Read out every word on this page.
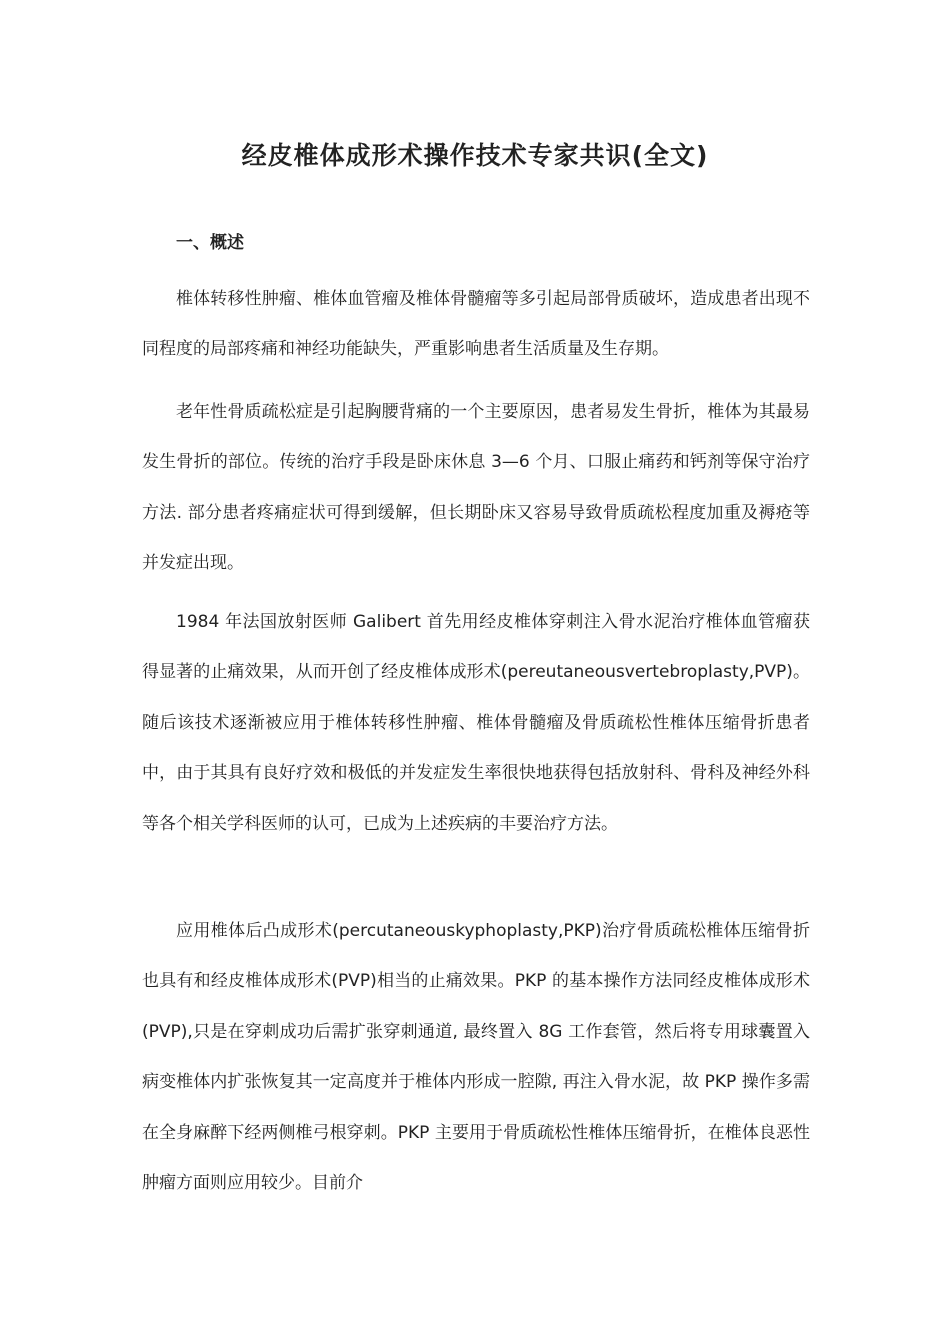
经皮椎体成形术操作技术专家共识(全文)
一、概述
椎体转移性肿瘤、椎体血管瘤及椎体骨髓瘤等多引起局部骨质破坏，造成患者出现不同程度的局部疼痛和神经功能缺失，严重影响患者生活质量及生存期。
老年性骨质疏松症是引起胸腰背痛的一个主要原因，患者易发生骨折，椎体为其最易发生骨折的部位。传统的治疗手段是卧床休息 3—6 个月、口服止痛药和钙剂等保守治疗方法. 部分患者疼痛症状可得到缓解，但长期卧床又容易导致骨质疏松程度加重及褥疮等并发症出现。
1984 年法国放射医师 Galibert 首先用经皮椎体穿刺注入骨水泥治疗椎体血管瘤获得显著的止痛效果，从而开创了经皮椎体成形术(pereutaneousvertebroplasty,PVP)。随后该技术逐渐被应用于椎体转移性肿瘤、椎体骨髓瘤及骨质疏松性椎体压缩骨折患者中，由于其具有良好疗效和极低的并发症发生率很快地获得包括放射科、骨科及神经外科等各个相关学科医师的认可，已成为上述疾病的丰要治疗方法。
应用椎体后凸成形术(percutaneouskyphoplasty,PKP)治疗骨质疏松椎体压缩骨折也具有和经皮椎体成形术(PVP)相当的止痛效果。PKP 的基本操作方法同经皮椎体成形术(PVP),只是在穿刺成功后需扩张穿刺通道, 最终置入 8G 工作套管，然后将专用球囊置入病变椎体内扩张恢复其一定高度并于椎体内形成一腔隙, 再注入骨水泥，故 PKP 操作多需在全身麻醉下经两侧椎弓根穿刺。PKP 主要用于骨质疏松性椎体压缩骨折，在椎体良恶性肿瘤方面则应用较少。目前介
